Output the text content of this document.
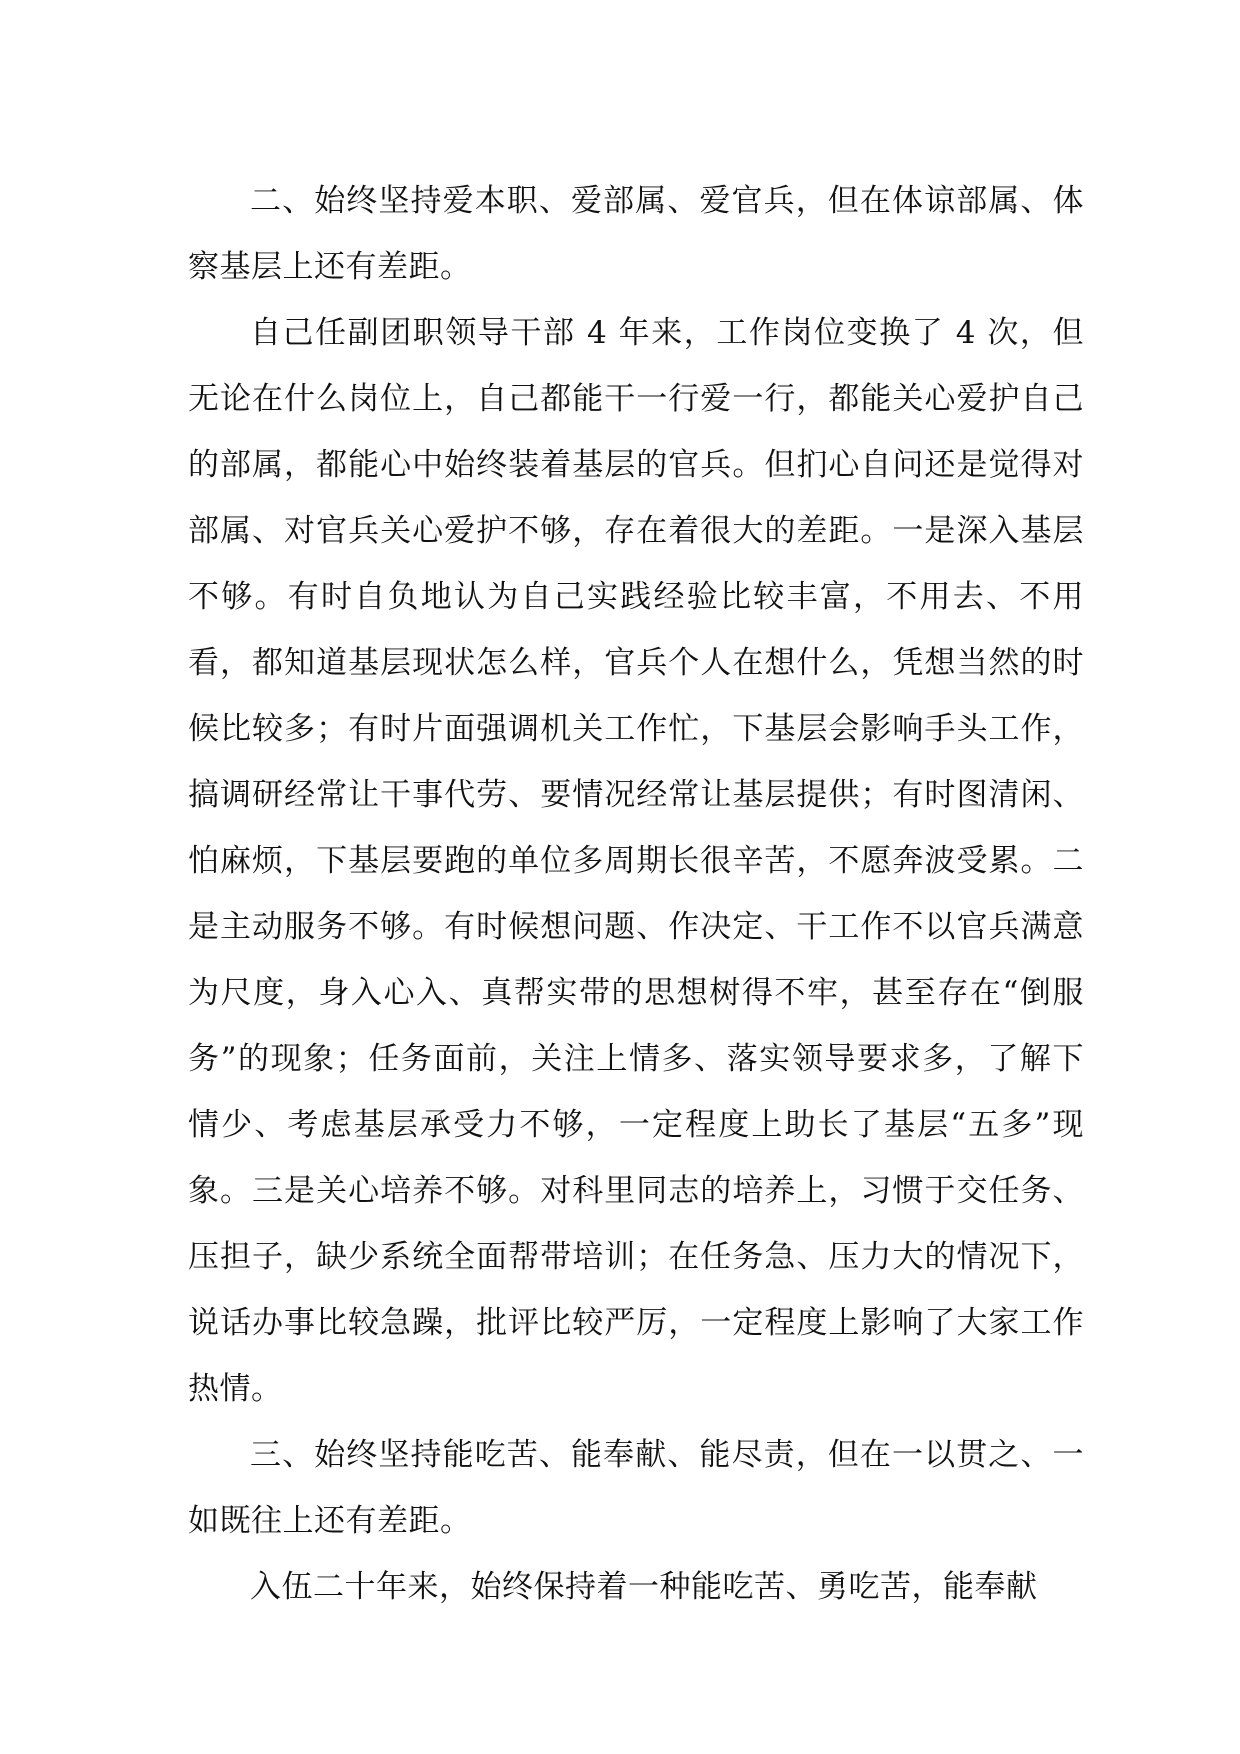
二、始终坚持爱本职、爱部属、爱官兵，但在体谅部属、体察基层上还有差距。

自己任副团职领导干部 4 年来，工作岗位变换了 4 次，但无论在什么岗位上，自己都能干一行爱一行，都能关心爱护自己的部属，都能心中始终装着基层的官兵。但扪心自问还是觉得对部属、对官兵关心爱护不够，存在着很大的差距。一是深入基层不够。有时自负地认为自己实践经验比较丰富，不用去、不用看，都知道基层现状怎么样，官兵个人在想什么，凭想当然的时候比较多；有时片面强调机关工作忙，下基层会影响手头工作，搞调研经常让干事代劳、要情况经常让基层提供；有时图清闲、怕麻烦，下基层要跑的单位多周期长很辛苦，不愿奔波受累。二是主动服务不够。有时候想问题、作决定、干工作不以官兵满意为尺度，身入心入、真帮实带的思想树得不牢，甚至存在“倒服务”的现象；任务面前，关注上情多、落实领导要求多，了解下情少、考虑基层承受力不够，一定程度上助长了基层“五多”现象。三是关心培养不够。对科里同志的培养上，习惯于交任务、压担子，缺少系统全面帮带培训；在任务急、压力大的情况下，说话办事比较急躁，批评比较严厉，一定程度上影响了大家工作热情。

三、始终坚持能吃苦、能奉献、能尽责，但在一以贯之、一如既往上还有差距。

入伍二十年来，始终保持着一种能吃苦、勇吃苦，能奉献
